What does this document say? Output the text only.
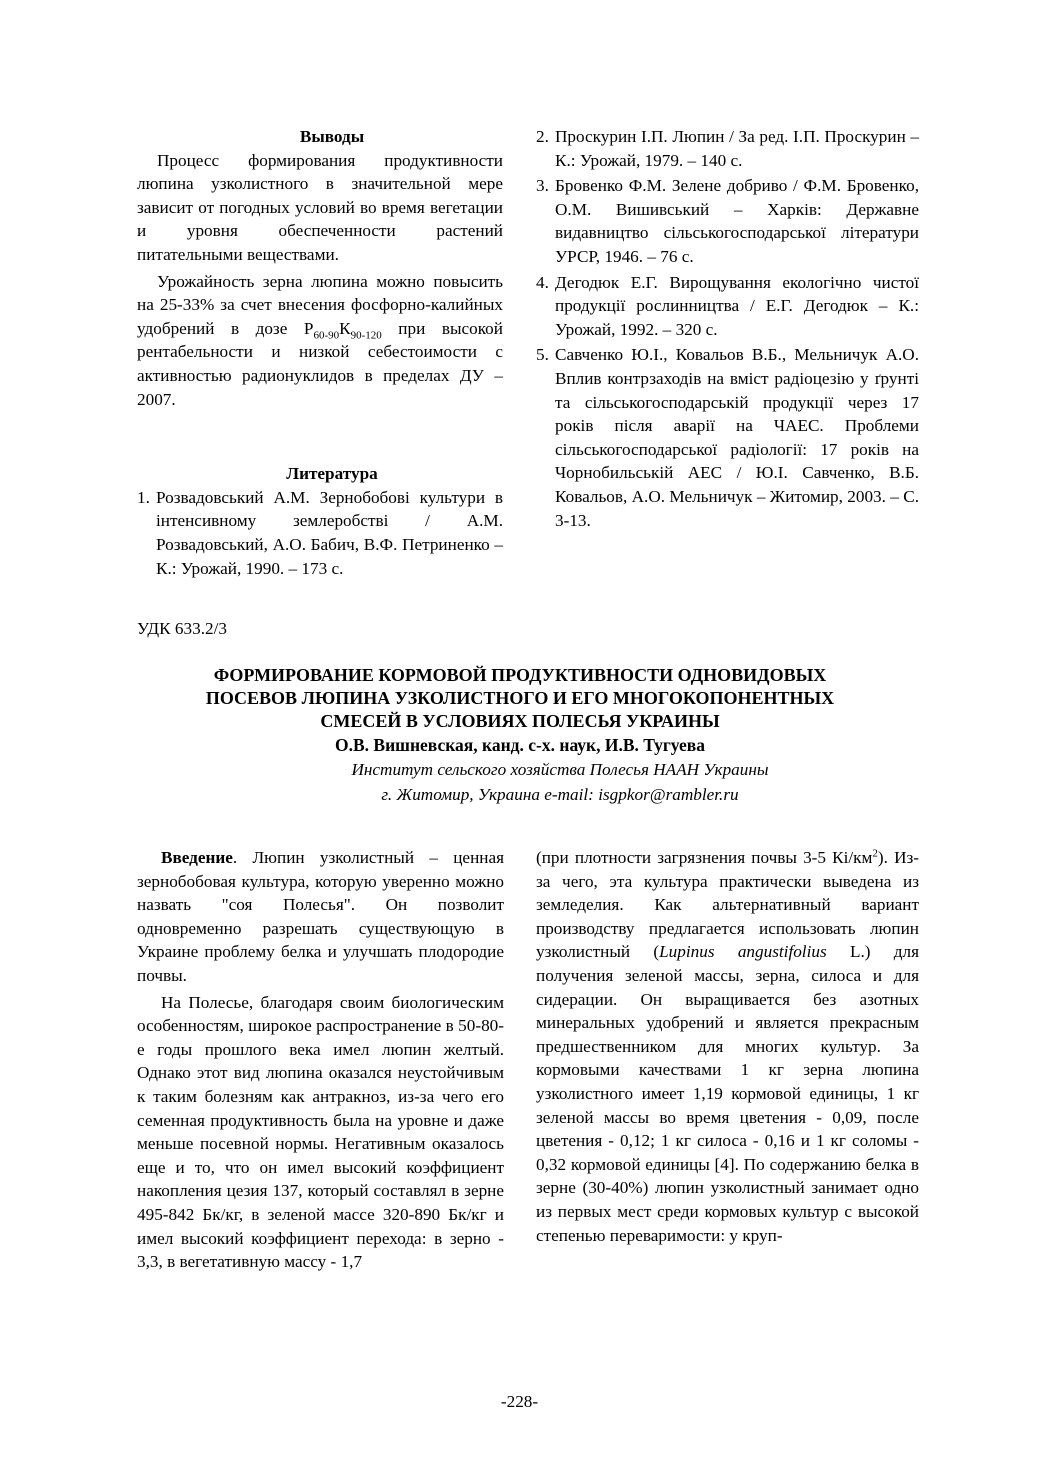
Выводы

Процесс формирования продуктивности люпина узколистного в значительной мере зависит от погодных условий во время вегетации и уровня обеспеченности растений питательными веществами.

Урожайность зерна люпина можно повысить на 25-33% за счет внесения фосфорно-калийных удобрений в дозе $Р_{60-90}К_{90-120}$ при высокой рентабельности и низкой себестоимости с активностью радионуклидов в пределах ДУ – 2007.

Литература

1. Розвадовський А.М. Зернобобові культури в інтенсивному землеробстві / А.М. Розвадовський, А.О. Бабич, В.Ф. Петриненко – К.: Урожай, 1990. – 173 с.
2. Проскурин І.П. Люпин / За ред. І.П. Проскурин – К.: Урожай, 1979. – 140 с.
3. Бровенко Ф.М. Зелене добриво / Ф.М. Бровенко, О.М. Вишивський – Харків: Державне видавництво сільськогосподарської літератури УРСР, 1946. – 76 с.
4. Дегодюк Е.Г. Вирощування екологічно чистої продукції рослинництва / Е.Г. Дегодюк – К.: Урожай, 1992. – 320 с.
5. Савченко Ю.І., Ковальов В.Б., Мельничук А.О. Вплив контрзаходів на вміст радіоцезію у ґрунті та сільськогосподарській продукції через 17 років після аварії на ЧАЕС. Проблеми сільськогосподарської радіології: 17 років на Чорнобильській АЕС / Ю.І. Савченко, В.Б. Ковальов, А.О. Мельничук – Житомир, 2003. – С. 3-13.
УДК 633.2/3

ФОРМИРОВАНИЕ КОРМОВОЙ ПРОДУКТИВНОСТИ ОДНОВИДОВЫХ
ПОСЕВОВ ЛЮПИНА УЗКОЛИСТНОГО И ЕГО МНОГОКОПОНЕНТНЫХ
СМЕСЕЙ В УСЛОВИЯХ ПОЛЕСЬЯ УКРАИНЫ

О.В. Вишневская, канд. с-х. наук, И.В. Тугуева

Институт сельского хозяйства Полесья НААН Украины

г. Житомир, Украина e-mail: isgpkor@rambler.ru

Введение. Люпин узколистный – ценная зернобобовая культура, которую уверенно можно назвать "соя Полесья". Он позволит одновременно разрешать существующую в Украине проблему белка и улучшать плодородие почвы.

На Полесье, благодаря своим биологическим особенностям, широкое распространение в 50-80-е годы прошлого века имел люпин желтый. Однако этот вид люпина оказался неустойчивым к таким болезням как антракноз, из-за чего его семенная продуктивность была на уровне и даже меньше посевной нормы. Негативным оказалось еще и то, что он имел высокий коэффициент накопления цезия 137, который составлял в зерне 495-842 Бк/кг, в зеленой массе 320-890 Бк/кг и имел высокий коэффициент перехода: в зерно - 3,3, в вегетативную массу - 1,7

(при плотности загрязнения почвы 3-5 $Кі/км^2$). Из-за чего, эта культура практически выведена из земледелия. Как альтернативный вариант производству предлагается использовать люпин узколистный (Lupinus angustifolius L.) для получения зеленой массы, зерна, силоса и для сидерации. Он выращивается без азотных минеральных удобрений и является прекрасным предшественником для многих культур. За кормовыми качествами 1 кг зерна люпина узколистного имеет 1,19 кормовой единицы, 1 кг зеленой массы во время цветения - 0,09, после цветения - 0,12; 1 кг силоса - 0,16 и 1 кг соломы - 0,32 кормовой единицы [4]. По содержанию белка в зерне (30-40%) люпин узколистный занимает одно из первых мест среди кормовых культур с высокой степенью переваримости: у круп-

-228-
